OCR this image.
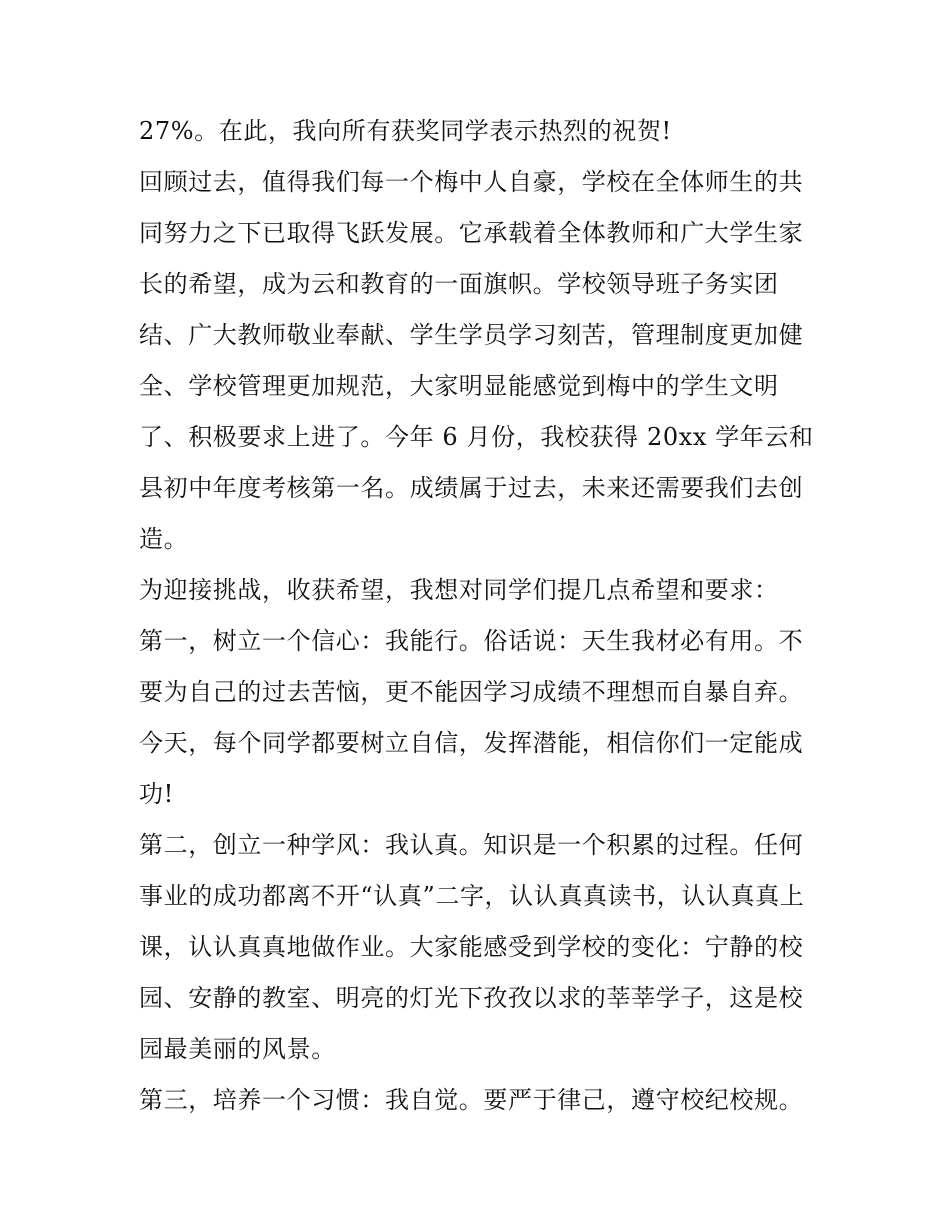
27%。在此，我向所有获奖同学表示热烈的祝贺!
回顾过去，值得我们每一个梅中人自豪，学校在全体师生的共
同努力之下已取得飞跃发展。它承载着全体教师和广大学生家
长的希望，成为云和教育的一面旗帜。学校领导班子务实团
结、广大教师敬业奉献、学生学员学习刻苦，管理制度更加健
全、学校管理更加规范，大家明显能感觉到梅中的学生文明
了、积极要求上进了。今年 6 月份，我校获得 20xx 学年云和
县初中年度考核第一名。成绩属于过去，未来还需要我们去创
造。
为迎接挑战，收获希望，我想对同学们提几点希望和要求：
第一，树立一个信心：我能行。俗话说：天生我材必有用。不
要为自己的过去苦恼，更不能因学习成绩不理想而自暴自弃。
今天，每个同学都要树立自信，发挥潜能，相信你们一定能成
功!
第二，创立一种学风：我认真。知识是一个积累的过程。任何
事业的成功都离不开“认真”二字，认认真真读书，认认真真上
课，认认真真地做作业。大家能感受到学校的变化：宁静的校
园、安静的教室、明亮的灯光下孜孜以求的莘莘学子，这是校
园最美丽的风景。
第三，培养一个习惯：我自觉。要严于律己，遵守校纪校规。
